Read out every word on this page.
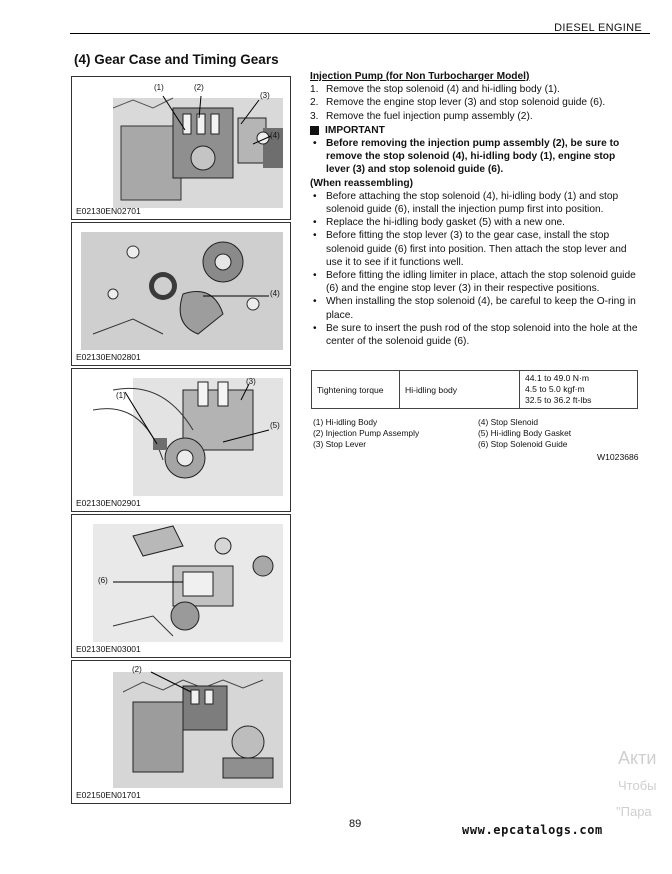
DIESEL ENGINE
(4) Gear Case and Timing Gears
(1)	(2)
(3)
(4)
E02130EN02701
(4)
E02130EN02801
(1)
(3)
(5)
E02130EN02901
(6)
E02130EN03001
(2)
E02150EN01701
Injection Pump (for Non Turbocharger Model)
1. Remove the stop solenoid (4) and hi-idling body (1).
2. Remove the engine stop lever (3) and stop solenoid guide (6).
3. Remove the fuel injection pump assembly (2).
IMPORTANT
• Before removing the injection pump assembly (2), be sure to remove the stop solenoid (4), hi-idling body (1), engine stop lever (3) and stop solenoid guide (6).
(When reassembling)
• Before attaching the stop solenoid (4), hi-idling body (1) and stop solenoid guide (6), install the injection pump first into position.
• Replace the hi-idling body gasket (5) with a new one.
• Before fitting the stop lever (3) to the gear case, install the stop solenoid guide (6) first into position. Then attach the stop lever and use it to see if it functions well.
• Before fitting the idling limiter in place, attach the stop solenoid guide (6) and the engine stop lever (3) in their respective positions.
• When installing the stop solenoid (4), be careful to keep the O-ring in place.
• Be sure to insert the push rod of the stop solenoid into the hole at the center of the solenoid guide (6).
Tightening torque	Hi-idling body	
44.1 to 49.0 N·m
4.5 to 5.0 kgf·m
32.5 to 36.2 ft-lbs
(1) Hi-idling Body	(4) Stop Slenoid
(2) Injection Pump Assemply	(5) Hi-idling Body Gasket
(3) Stop Lever	(6) Stop Solenoid Guide
W1023686
Акти
Чтобы
"Пара
89	www.epcatalogs.com
